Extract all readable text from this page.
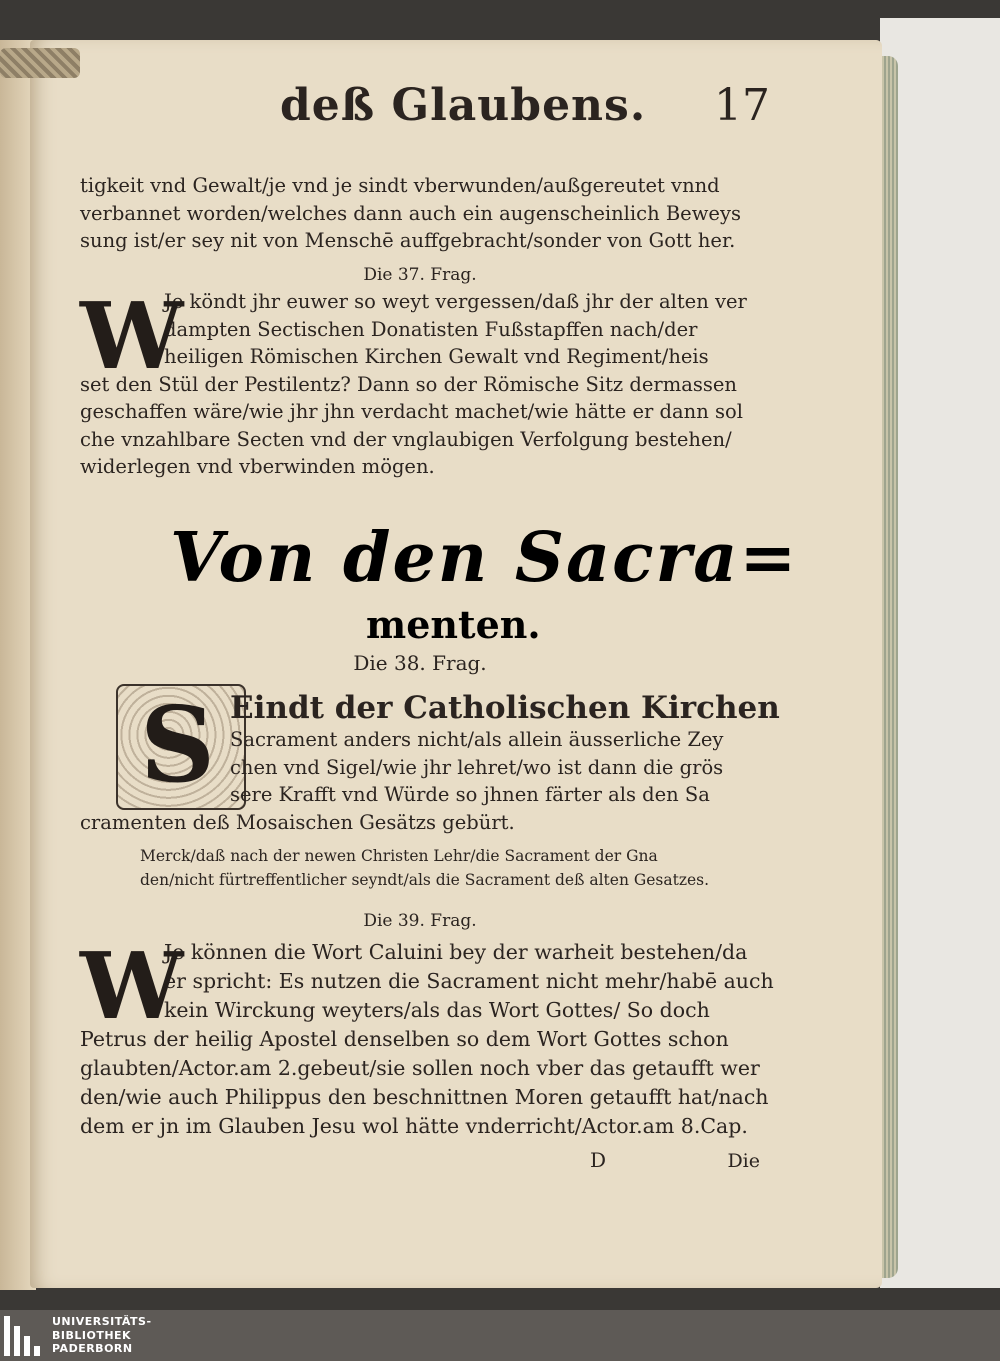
deß Glaubens. 17
tigkeit vnd Gewalt/je vnd je sindt vberwunden/außgereutet vnnd
verbannet worden/welches dann auch ein augenscheinlich Beweys
sung ist/er sey nit von Menschē auffgebracht/sonder von Gott her.
Die 37. Frag.
W
Je köndt jhr euwer so weyt vergessen/daß jhr der alten ver
dampten Sectischen Donatisten Fußstapffen nach/der
heiligen Römischen Kirchen Gewalt vnd Regiment/heis
set den Stül der Pestilentz? Dann so der Römische Sitz dermassen
geschaffen wäre/wie jhr jhn verdacht machet/wie hätte er dann sol
che vnzahlbare Secten vnd der vnglaubigen Verfolgung bestehen/
widerlegen vnd vberwinden mögen.
Von den Sacra=
menten.
Die 38. Frag.
S Eindt der Catholischen Kirchen
Sacrament anders nicht/als allein äusserliche Zey
chen vnd Sigel/wie jhr lehret/wo ist dann die grös
sere Krafft vnd Würde so jhnen färter als den Sa
cramenten deß Mosaischen Gesätzs gebürt.
Merck/daß nach der newen Christen Lehr/die Sacrament der Gna
den/nicht fürtreffentlicher seyndt/als die Sacrament deß alten Gesatzes.
Die 39. Frag.
W
Je können die Wort Caluini bey der warheit bestehen/da
er spricht: Es nutzen die Sacrament nicht mehr/habē auch
kein Wirckung weyters/als das Wort Gottes/ So doch
Petrus der heilig Apostel denselben so dem Wort Gottes schon
glaubten/Actor.am 2.gebeut/sie sollen noch vber das getaufft wer
den/wie auch Philippus den beschnittnen Moren getaufft hat/nach
dem er jn im Glauben Jesu wol hätte vnderricht/Actor.am 8.Cap.
D	Die
UNIVERSITÄTS-
BIBLIOTHEK
PADERBORN
